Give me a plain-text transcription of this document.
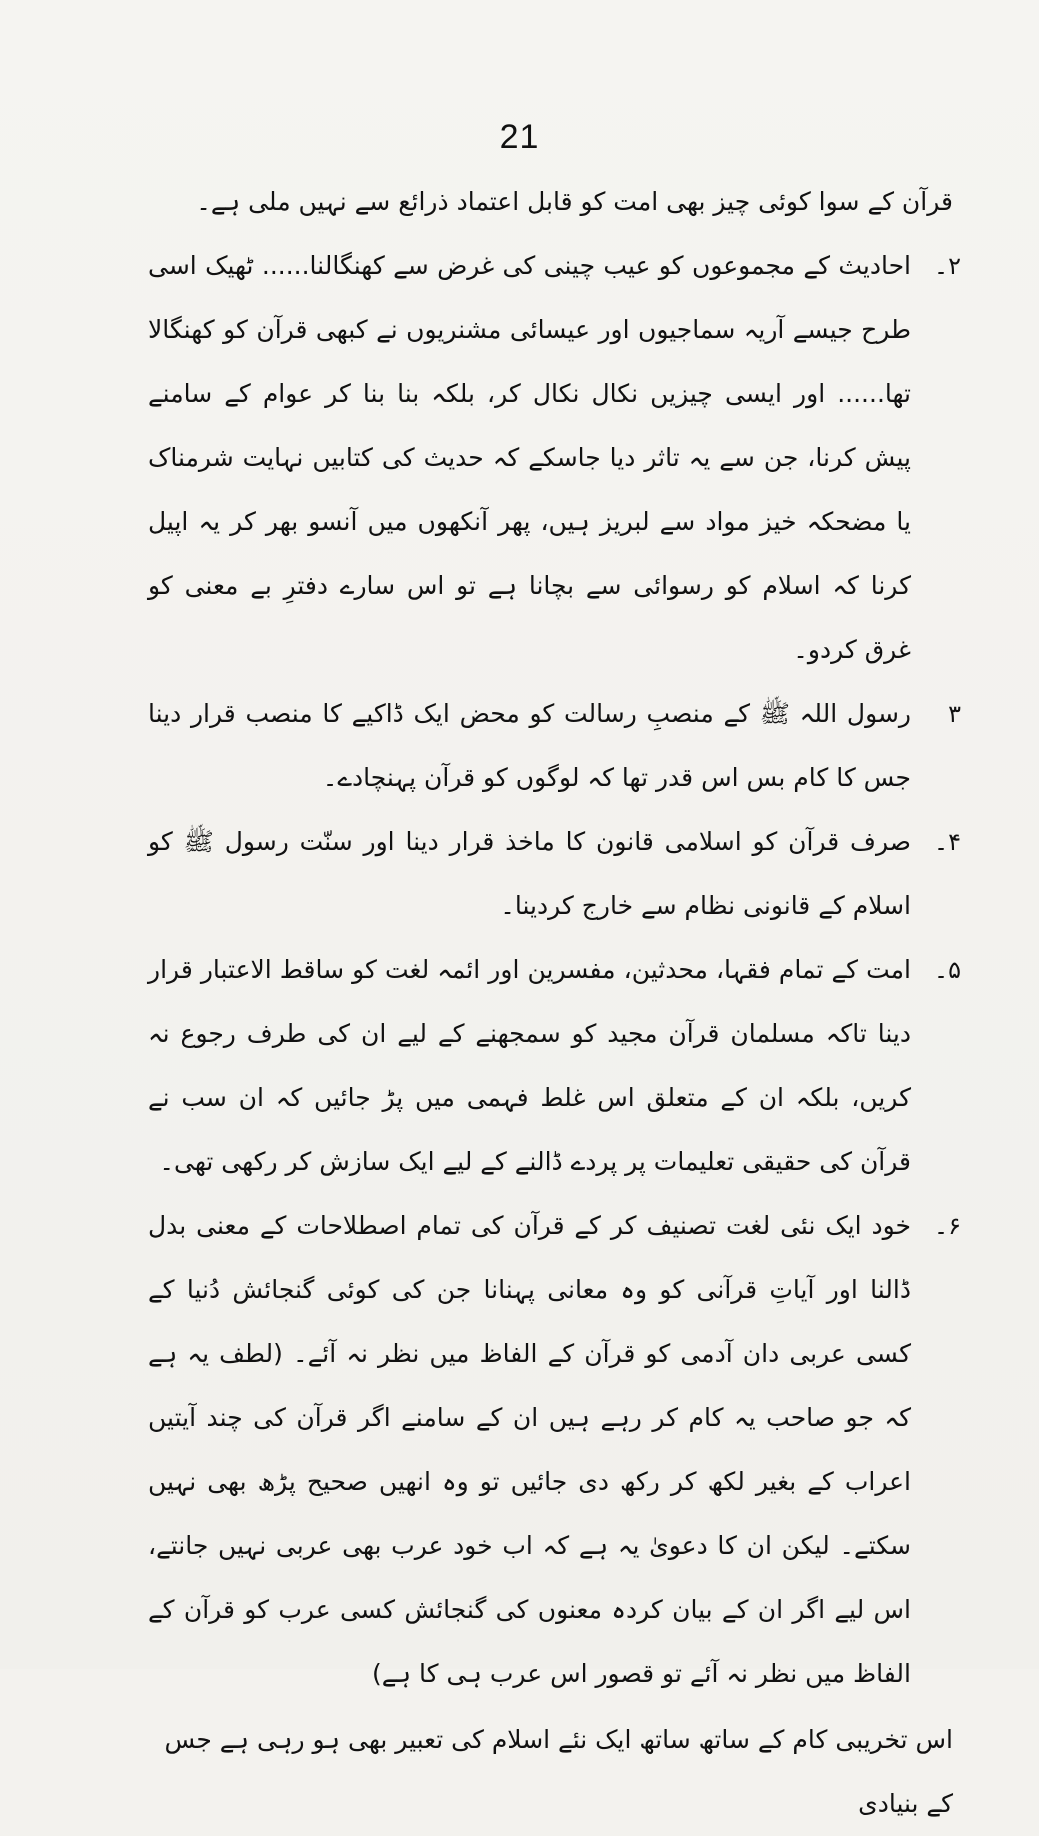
21

قرآن کے سوا کوئی چیز بھی امت کو قابل اعتماد ذرائع سے نہیں ملی ہے۔

۲۔
احادیث کے مجموعوں کو عیب چینی کی غرض سے کھنگالنا...... ٹھیک اسی طرح جیسے آریہ سماجیوں اور عیسائی مشنریوں نے کبھی قرآن کو کھنگالا تھا...... اور ایسی چیزیں نکال نکال کر، بلکہ بنا بنا کر عوام کے سامنے پیش کرنا، جن سے یہ تاثر دیا جاسکے کہ حدیث کی کتابیں نہایت شرمناک یا مضحکہ خیز مواد سے لبریز ہیں، پھر آنکھوں میں آنسو بھر کر یہ اپیل کرنا کہ اسلام کو رسوائی سے بچانا ہے تو اس سارے دفترِ بے معنی کو غرق کردو۔
۳
رسول اللہ ﷺ کے منصبِ رسالت کو محض ایک ڈاکیے کا منصب قرار دینا جس کا کام بس اس قدر تھا کہ لوگوں کو قرآن پہنچادے۔
۴۔
صرف قرآن کو اسلامی قانون کا ماخذ قرار دینا اور سنّت رسول ﷺ کو اسلام کے قانونی نظام سے خارج کردینا۔
۵۔
امت کے تمام فقہا، محدثین، مفسرین اور ائمہ لغت کو ساقط الاعتبار قرار دینا تاکہ مسلمان قرآن مجید کو سمجھنے کے لیے ان کی طرف رجوع نہ کریں، بلکہ ان کے متعلق اس غلط فہمی میں پڑ جائیں کہ ان سب نے قرآن کی حقیقی تعلیمات پر پردے ڈالنے کے لیے ایک سازش کر رکھی تھی۔
۶۔
خود ایک نئی لغت تصنیف کر کے قرآن کی تمام اصطلاحات کے معنی بدل ڈالنا اور آیاتِ قرآنی کو وہ معانی پہنانا جن کی کوئی گنجائش دُنیا کے کسی عربی دان آدمی کو قرآن کے الفاظ میں نظر نہ آئے۔ (لطف یہ ہے کہ جو صاحب یہ کام کر رہے ہیں ان کے سامنے اگر قرآن کی چند آیتیں اعراب کے بغیر لکھ کر رکھ دی جائیں تو وہ انھیں صحیح پڑھ بھی نہیں سکتے۔ لیکن ان کا دعویٰ یہ ہے کہ اب خود عرب بھی عربی نہیں جانتے، اس لیے اگر ان کے بیان کردہ معنوں کی گنجائش کسی عرب کو قرآن کے الفاظ میں نظر نہ آئے تو قصور اس عرب ہی کا ہے)

اس تخریبی کام کے ساتھ ساتھ ایک نئے اسلام کی تعبیر بھی ہو رہی ہے جس کے بنیادی
